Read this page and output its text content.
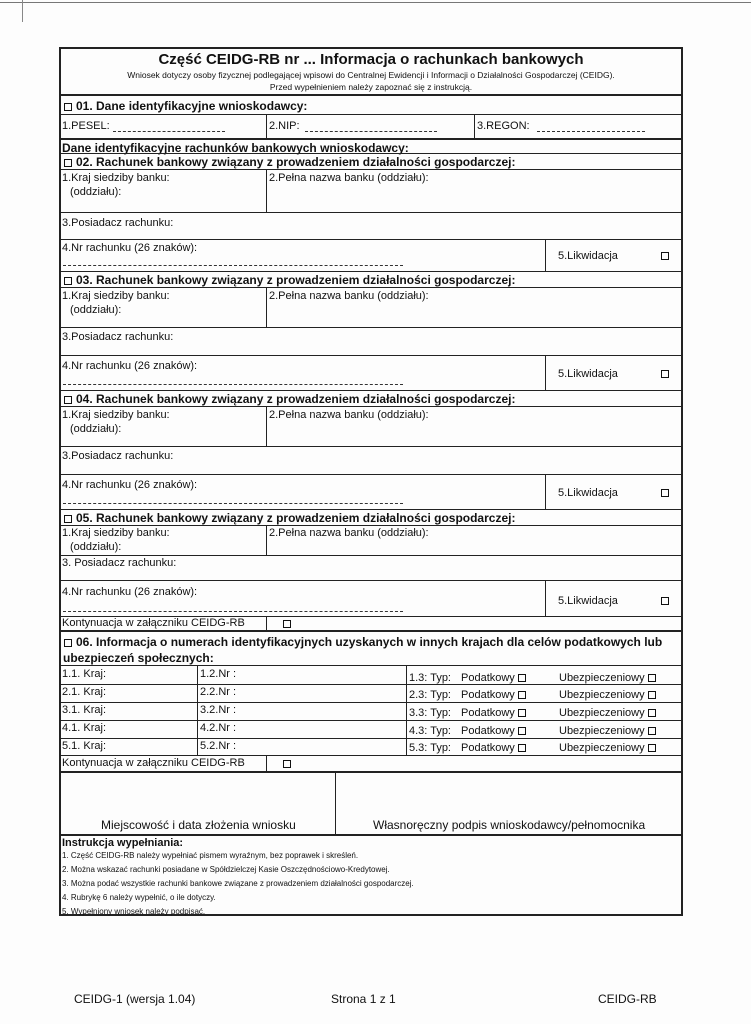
Część CEIDG-RB nr ... Informacja o rachunkach bankowych
Wniosek dotyczy osoby fizycznej podlegającej wpisowi do Centralnej Ewidencji i Informacji o Działalności Gospodarczej (CEIDG).
Przed wypełnieniem należy zapoznać się z instrukcją.
01. Dane identyfikacyjne wnioskodawcy:
1.PESEL:	2.NIP:	3.REGON:
Dane identyfikacyjne rachunków bankowych wnioskodawcy:
02. Rachunek bankowy związany z prowadzeniem działalności gospodarczej:
1.Kraj siedziby banku:
(oddziału):
2.Pełna nazwa banku (oddziału):
3.Posiadacz rachunku:
4.Nr rachunku (26 znaków):
5.Likwidacja
03. Rachunek bankowy związany z prowadzeniem działalności gospodarczej:
1.Kraj siedziby banku:
(oddziału):
2.Pełna nazwa banku (oddziału):
3.Posiadacz rachunku:
4.Nr rachunku (26 znaków):
5.Likwidacja
04. Rachunek bankowy związany z prowadzeniem działalności gospodarczej:
1.Kraj siedziby banku:
(oddziału):
2.Pełna nazwa banku (oddziału):
3.Posiadacz rachunku:
4.Nr rachunku (26 znaków):
5.Likwidacja
05. Rachunek bankowy związany z prowadzeniem działalności gospodarczej:
1.Kraj siedziby banku:
(oddziału):
2.Pełna nazwa banku (oddziału):
3. Posiadacz rachunku:
4.Nr rachunku (26 znaków):
5.Likwidacja
Kontynuacja w załączniku CEIDG-RB
06. Informacja o numerach identyfikacyjnych uzyskanych w innych krajach dla celów podatkowych lub
ubezpieczeń społecznych:
1.1. Kraj:	1.2.Nr :	1.3: Typ: Podatkowy	Ubezpieczeniowy
2.1. Kraj:	2.2.Nr :	2.3: Typ: Podatkowy	Ubezpieczeniowy
3.1. Kraj:	3.2.Nr :	3.3: Typ: Podatkowy	Ubezpieczeniowy
4.1. Kraj:	4.2.Nr :	4.3: Typ: Podatkowy	Ubezpieczeniowy
5.1. Kraj:	5.2.Nr :	5.3: Typ: Podatkowy	Ubezpieczeniowy
Kontynuacja w załączniku CEIDG-RB
Miejscowość i data złożenia wniosku	Własnoręczny podpis wnioskodawcy/pełnomocnika
Instrukcja wypełniania:
1. Część CEIDG-RB należy wypełniać pismem wyraźnym, bez poprawek i skreśleń.
2. Można wskazać rachunki posiadane w Spółdzielczej Kasie Oszczędnościowo-Kredytowej.
3. Można podać wszystkie rachunki bankowe związane z prowadzeniem działalności gospodarczej.
4. Rubrykę 6 należy wypełnić, o ile dotyczy.
5. Wypełniony wniosek należy podpisać.
CEIDG-1 (wersja 1.04)	Strona 1 z 1	CEIDG-RB
